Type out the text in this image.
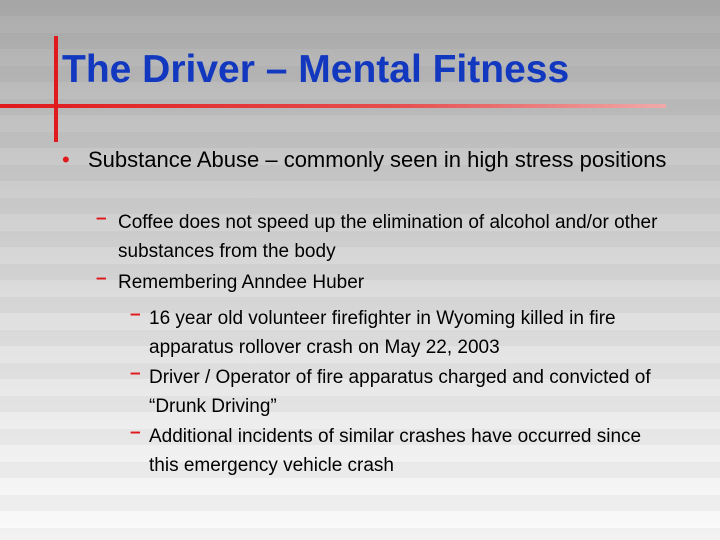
The Driver – Mental Fitness
• Substance Abuse – commonly seen in high stress positions
– Coffee does not speed up the elimination of alcohol and/or other substances from the body
– Remembering Anndee Huber
– 16 year old volunteer firefighter in Wyoming killed in fire apparatus rollover crash on May 22, 2003
– Driver / Operator of fire apparatus charged and convicted of “Drunk Driving”
– Additional incidents of similar crashes have occurred since this emergency vehicle crash
